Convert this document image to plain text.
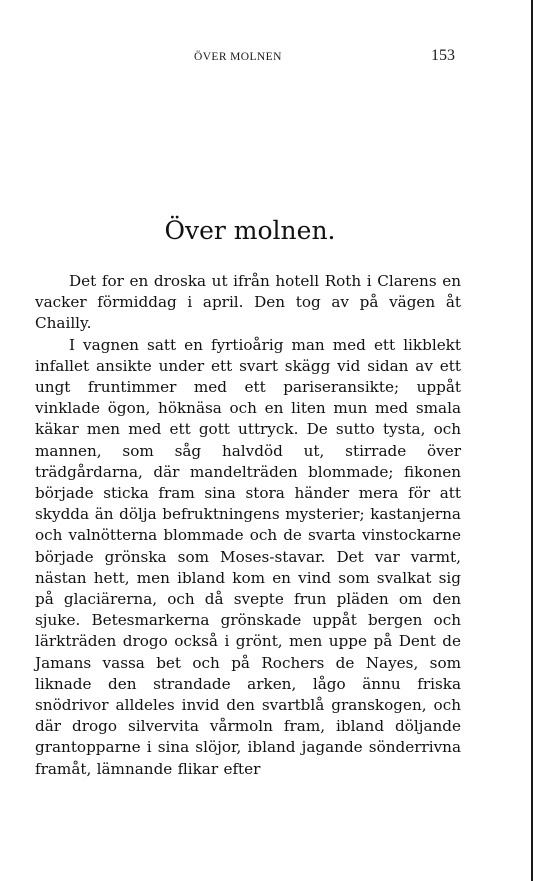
ÖVER MOLNEN	153
Över molnen.

Det for en droska ut ifrån hotell Roth i Clarens en vacker förmiddag i april. Den tog av på vägen åt Chailly.

I vagnen satt en fyrtioårig man med ett likblekt infallet ansikte under ett svart skägg vid sidan av ett ungt fruntimmer med ett pariseransikte; uppåt vinklade ögon, höknäsa och en liten mun med smala käkar men med ett gott uttryck. De sutto tysta, och mannen, som såg halvdöd ut, stirrade över trädgårdarna, där mandelträden blommade; fikonen började sticka fram sina stora händer mera för att skydda än dölja befruktningens mysterier; kastanjerna och valnötterna blommade och de svarta vinstockarne började grönska som Moses-stavar. Det var varmt, nästan hett, men ibland kom en vind som svalkat sig på glaciärerna, och då svepte frun pläden om den sjuke. Betesmarkerna grönskade uppåt bergen och lärkträden drogo också i grönt, men uppe på Dent de Jamans vassa bet och på Rochers de Nayes, som liknade den strandade arken, lågo ännu friska snödrivor alldeles invid den svartblå granskogen, och där drogo silvervita vårmoln fram, ibland döljande grantopparne i sina slöjor, ibland jagande sönderrivna framåt, lämnande flikar efter
